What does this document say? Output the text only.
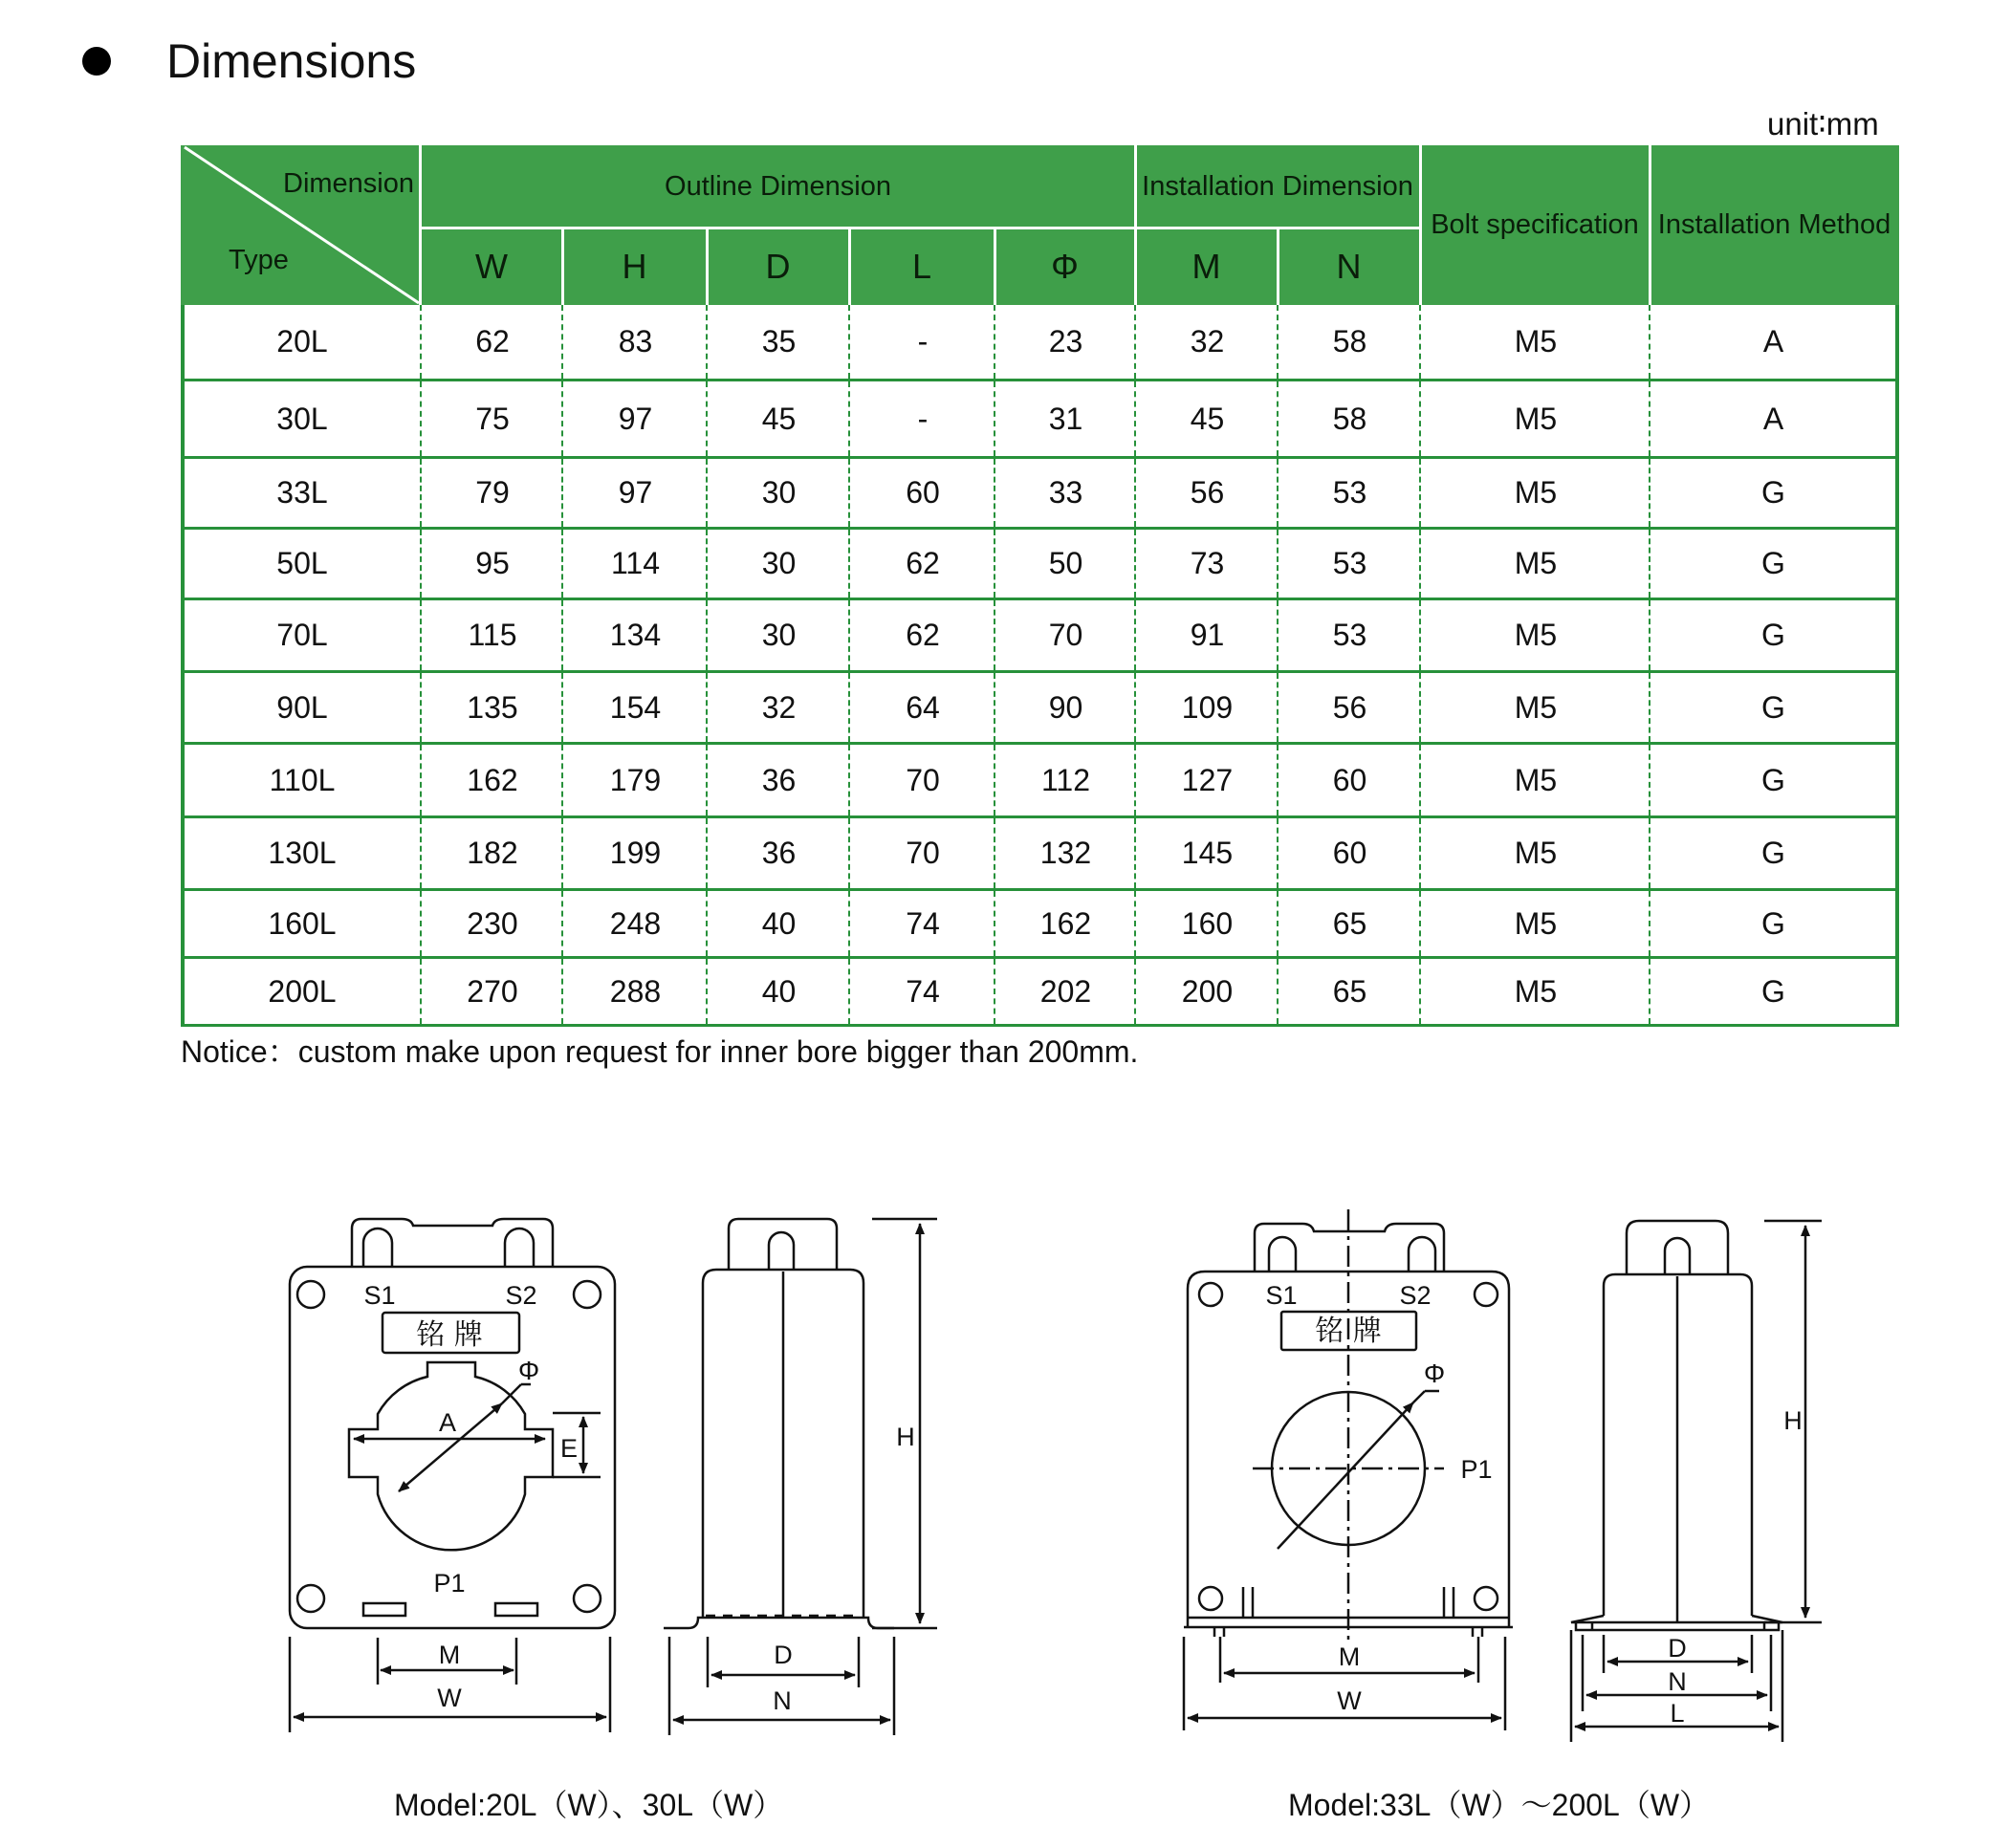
Dimensions
unit∶mm
Dimension
Type
Outline Dimension	Installation Dimension
Bolt specification Installation Method
W	H	D	L	Φ	M	N
20L	62	83	35	-	23	32	58	M5	A
30L	75	97	45	-	31	45	58	M5	A
33L	79	97	30	60	33	56	53	M5	G
50L	95	114	30	62	50	73	53	M5	G
70L	115	134	30	62	70	91	53	M5	G
90L	135	154	32	64	90	109	56	M5	G
110L	162	179	36	70	112	127	60	M5	G
130L	182	199	36	70	132	145	60	M5	G
160L	230	248	40	74	162	160	65	M5	G
200L	270	288	40	74	202	200	65	M5	G
Notice：custom make upon request for inner bore bigger than 200mm.
S1	S2
铭 牌
Φ
A
E
P1
M
W
H
D
N
S1	S2
铭 牌
Φ
P1
M
W
H
D
N
L
Model:20L（W）、30L（W）	Model:33L（W）～200L（W）
